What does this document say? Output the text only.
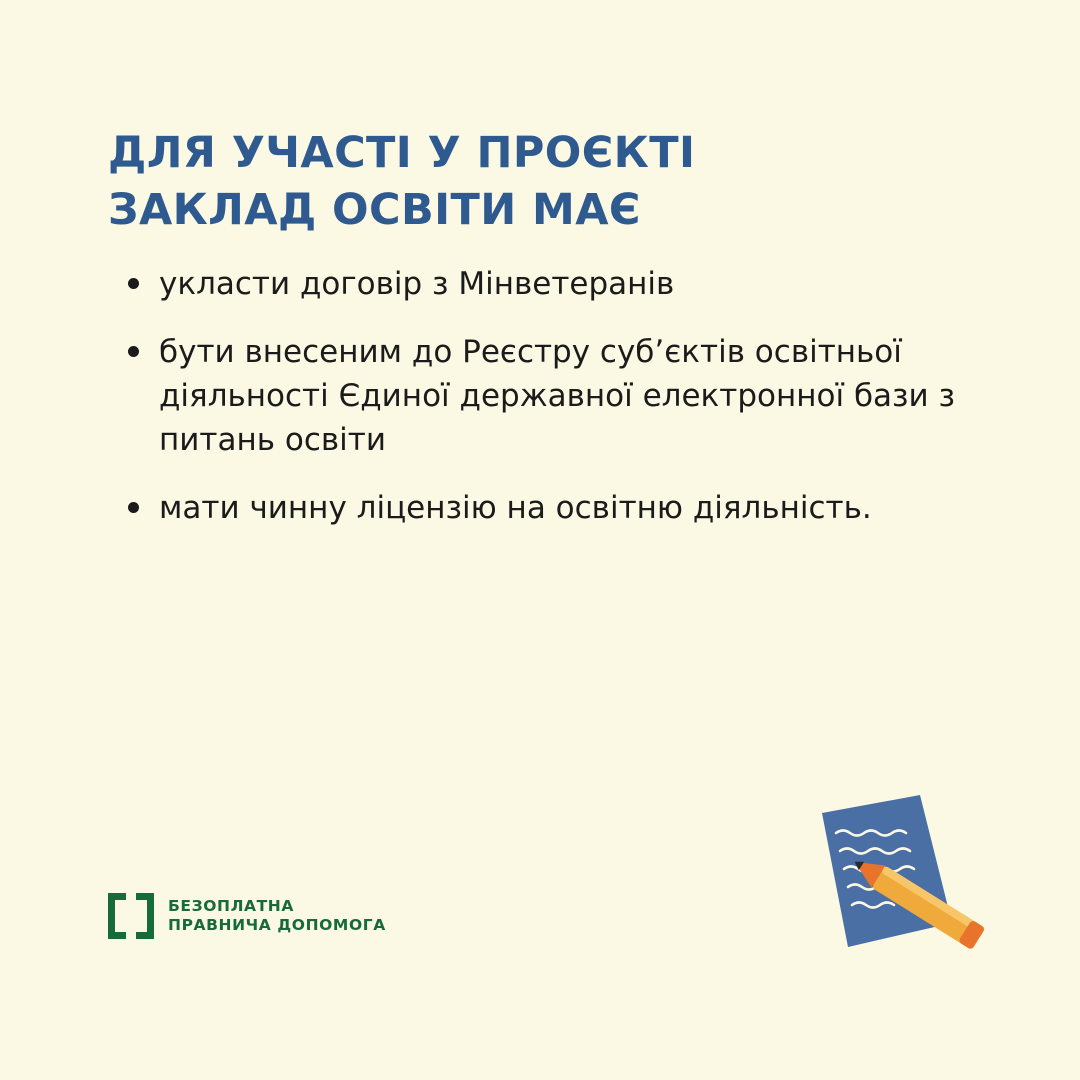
ДЛЯ УЧАСТІ У ПРОЄКТІ ЗАКЛАД ОСВІТИ МАЄ
укласти договір з Мінветеранів
бути внесеним до Реєстру суб’єктів освітньої діяльності Єдиної державної електронної бази з питань освіти
мати чинну ліцензію на освітню діяльність.
БЕЗОПЛАТНА
ПРАВНИЧА ДОПОМОГА
